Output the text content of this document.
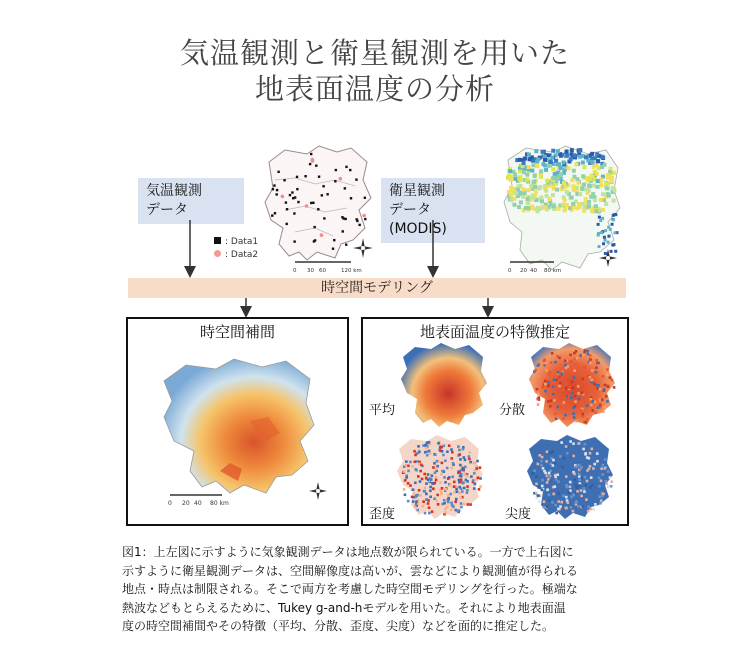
気温観測と衛星観測を用いた
地表面温度の分析
気温観測
データ
衛星観測
データ(MODIS)
0 30 60	120 km
: Data1
: Data2
0 20 40 80 km
時空間モデリング
時空間補間
0 20 40 80 km
地表面温度の特徴推定
平均	分散
歪度	尖度
図1：上左図に示すように気象観測データは地点数が限られている。一方で上右図に
示すように衛星観測データは、空間解像度は高いが、雲などにより観測値が得られる
地点・時点は制限される。そこで両方を考慮した時空間モデリングを行った。極端な
熱波などもとらえるために、Tukey g-and-hモデルを用いた。それにより地表面温
度の時空間補間やその特徴（平均、分散、歪度、尖度）などを面的に推定した。
